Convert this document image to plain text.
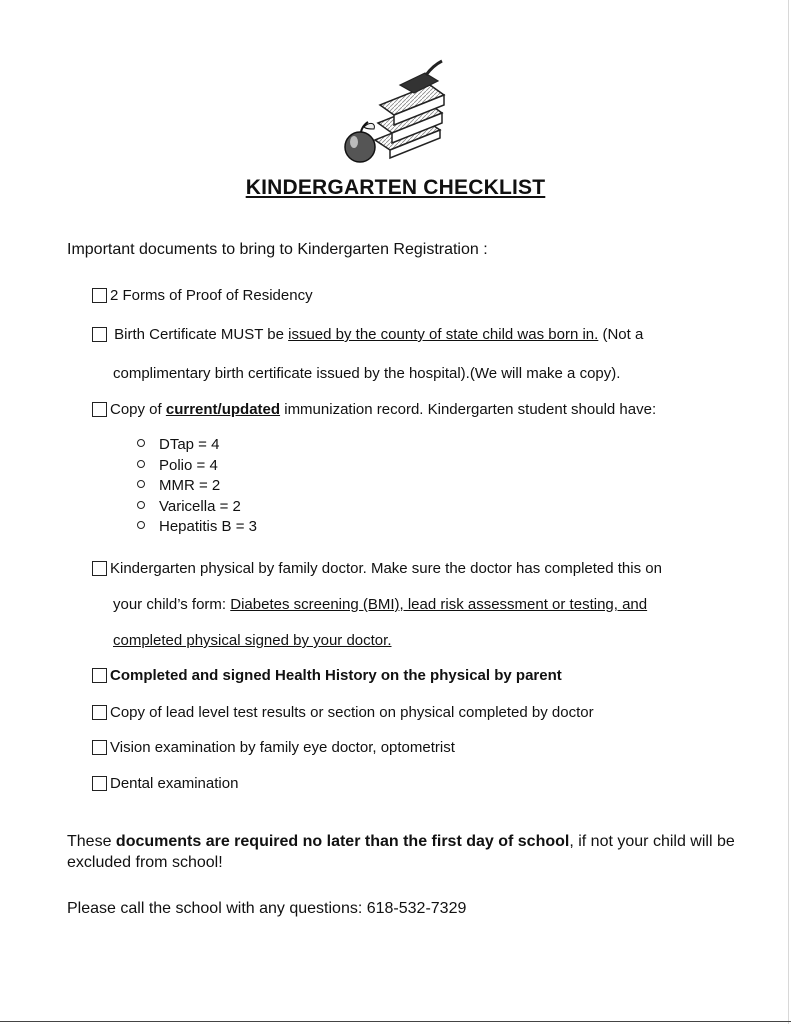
KINDERGARTEN CHECKLIST
Important documents to bring to Kindergarten Registration :
2 Forms of Proof of Residency
Birth Certificate MUST be issued by the county of state child was born in. (Not a
complimentary birth certificate issued by the hospital).(We will make a copy).
Copy of current/updated immunization record. Kindergarten student should have:
DTap = 4
Polio = 4
MMR = 2
Varicella = 2
Hepatitis B = 3
Kindergarten physical by family doctor. Make sure the doctor has completed this on
your child’s form: Diabetes screening (BMI), lead risk assessment or testing, and
completed physical signed by your doctor.
Completed and signed Health History on the physical by parent
Copy of lead level test results or section on physical completed by doctor
Vision examination by family eye doctor, optometrist
Dental examination
These documents are required no later than the first day of school, if not your child will be excluded from school!
Please call the school with any questions: 618-532-7329
